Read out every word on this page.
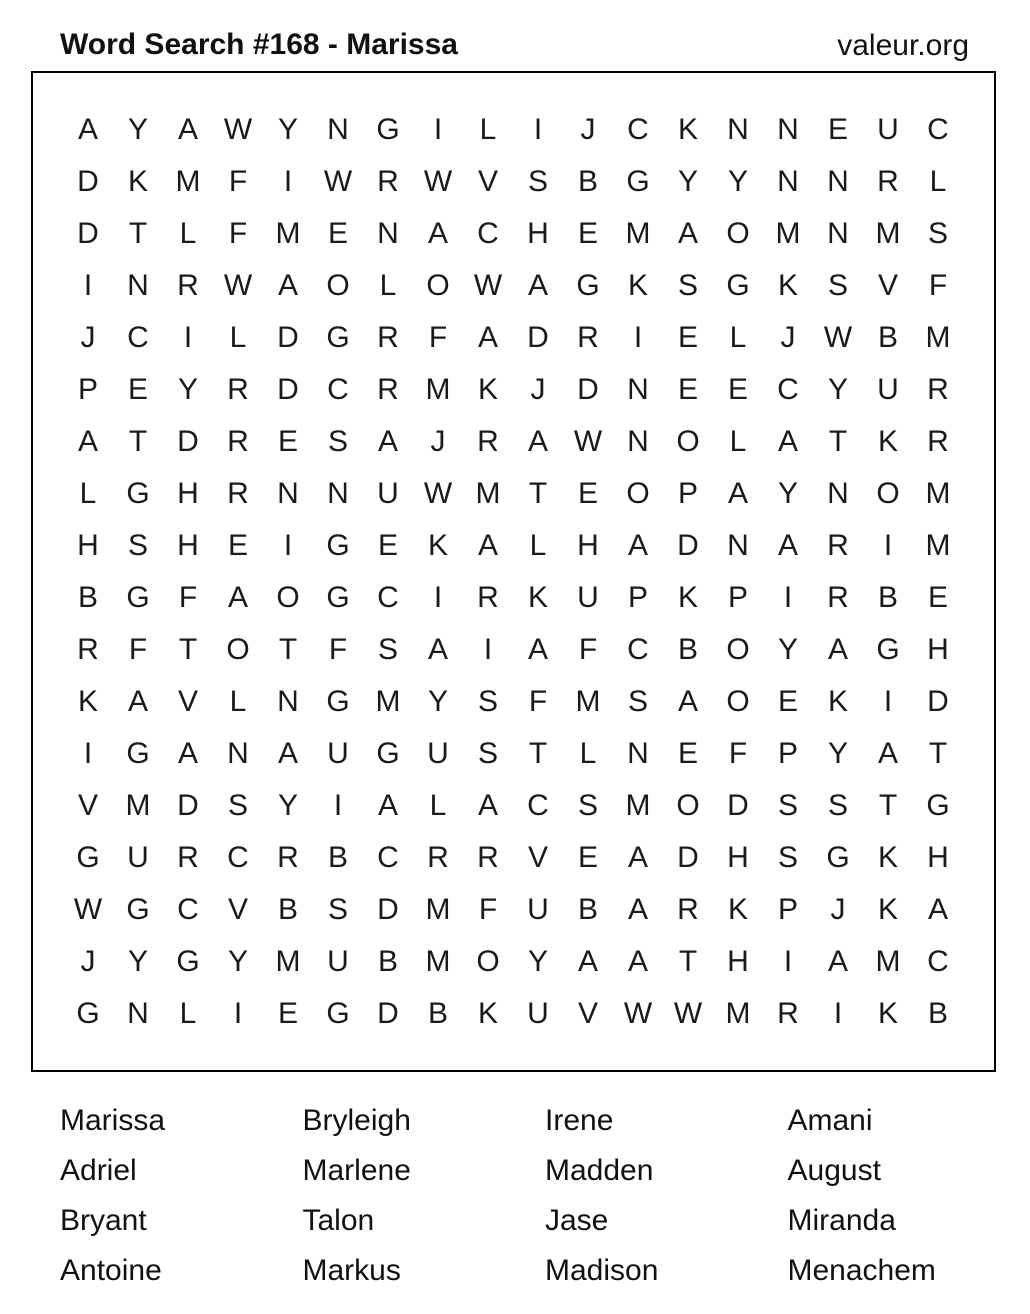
Word Search #168 - Marissa	valeur.org
A Y A W Y N G	I	L	I	J	C K N N E U C
D K M F	I	W R W V S B G Y Y N N R	L
D	T	L	F M E N A C H E M A O M N M S
I	N R W A O L O W A G K S G K S V	F
J	C	I	L	D G R	F	A D R	I	E	L	J W B M
P E Y R D C R M K	J	D N E E C Y U R
A	T	D R E S A	J	R A W N O L	A	T	K R
L G H R N N U W M T	E O P A Y N O M
H S H E	I	G E K A	L	H A D N A R	I	M
B G F	A O G C	I	R K U P K P	I	R B E
R	F	T O T	F	S A	I	A	F	C B O Y A G H
K A V	L	N G M Y S	F M S A O E K	I	D
I	G A N A U G U S	T	L	N E	F	P Y A	T
V M D S Y	I	A	L	A C S M O D S S	T G
G U R C R B C R R V E A D H S G K H
W G C V B S D M F	U B A R K P	J	K A
J	Y G Y M U B M O Y A A	T	H	I	A M C
G N	L	I	E G D B K U V W W M R	I	K B
Marissa
Adriel
Bryant
Antoine
Bryleigh
Marlene
Talon
Markus
Irene
Madden
Jase
Madison
Amani
August
Miranda
Menachem
